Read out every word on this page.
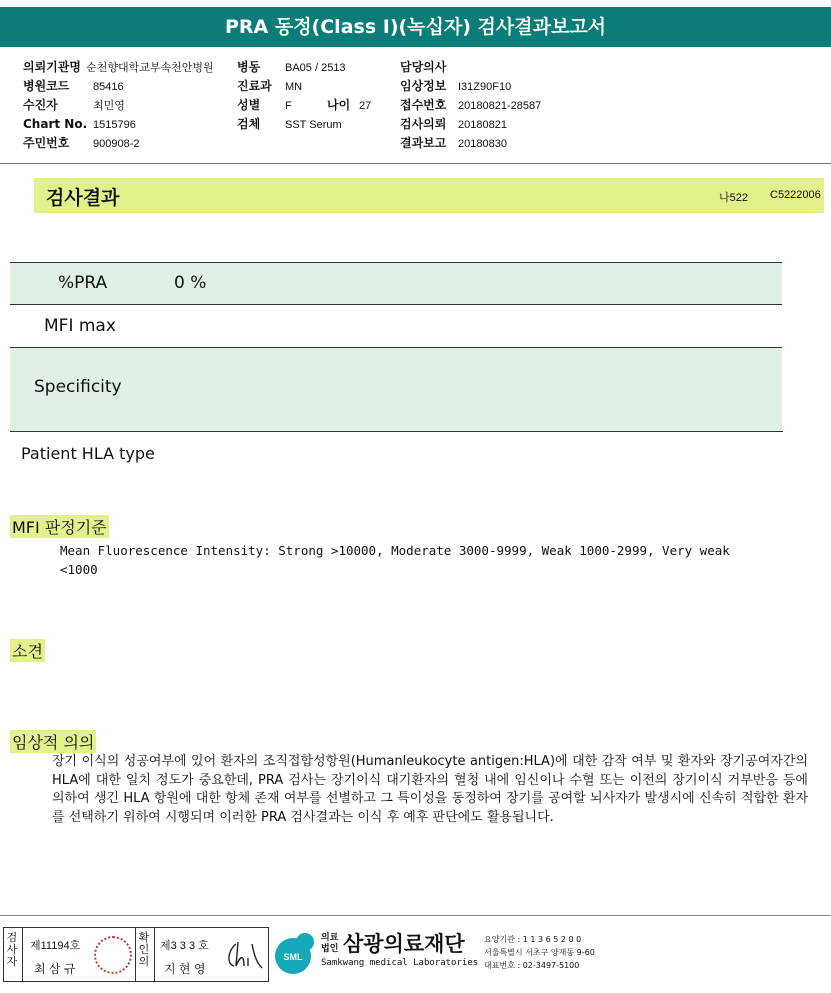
PRA 동정(Class I)(녹십자) 검사결과보고서
의뢰기관명 순천향대학교부속천안병원
병원코드 85416
수진자	최민영
Chart No. 1515796
주민번호 900908-2
병동 BA05 / 2513
진료과 MN
성별 F	나이 27
검체 SST Serum
담당의사
임상정보 I31Z90F10
접수번호 20180821-28587
검사의뢰 20180821
결과보고 20180830
검사결과	나522 C5222006
%PRA	0 %
MFI max
Specificity
Patient HLA type
MFI 판정기준
Mean Fluorescence Intensity: Strong >10000, Moderate 3000-9999, Weak 1000-2999, Very weak
<1000
소견
임상적 의의
장기 이식의 성공여부에 있어 환자의 조직접합성항원(Humanleukocyte antigen:HLA)에 대한 감작 여부 및 환자와 장기공여자간의 HLA에 대한 일치 정도가 중요한데, PRA 검사는 장기이식 대기환자의 혈청 내에 임신이나 수혈 또는 이전의 장기이식 거부반응 등에 의하여 생긴 HLA 항원에 대한 항체 존재 여부를 선별하고 그 특이성을 동정하여 장기를 공여할 뇌사자가 발생시에 신속히 적합한 환자를 선택하기 위하여 시행되며 이러한 PRA 검사결과는 이식 후 예후 판단에도 활용됩니다.
검사자
제11194호
최 삼 규
확인의
제3 3 3 호
지 현 영
SML
의료
법인 삼광의료재단
Samkwang medical Laboratories
요양기관 : 1 1 3 6 5 2 0 0
서울특별시 서초구 양재동 9-60
대표번호 : 02-3497-5100
